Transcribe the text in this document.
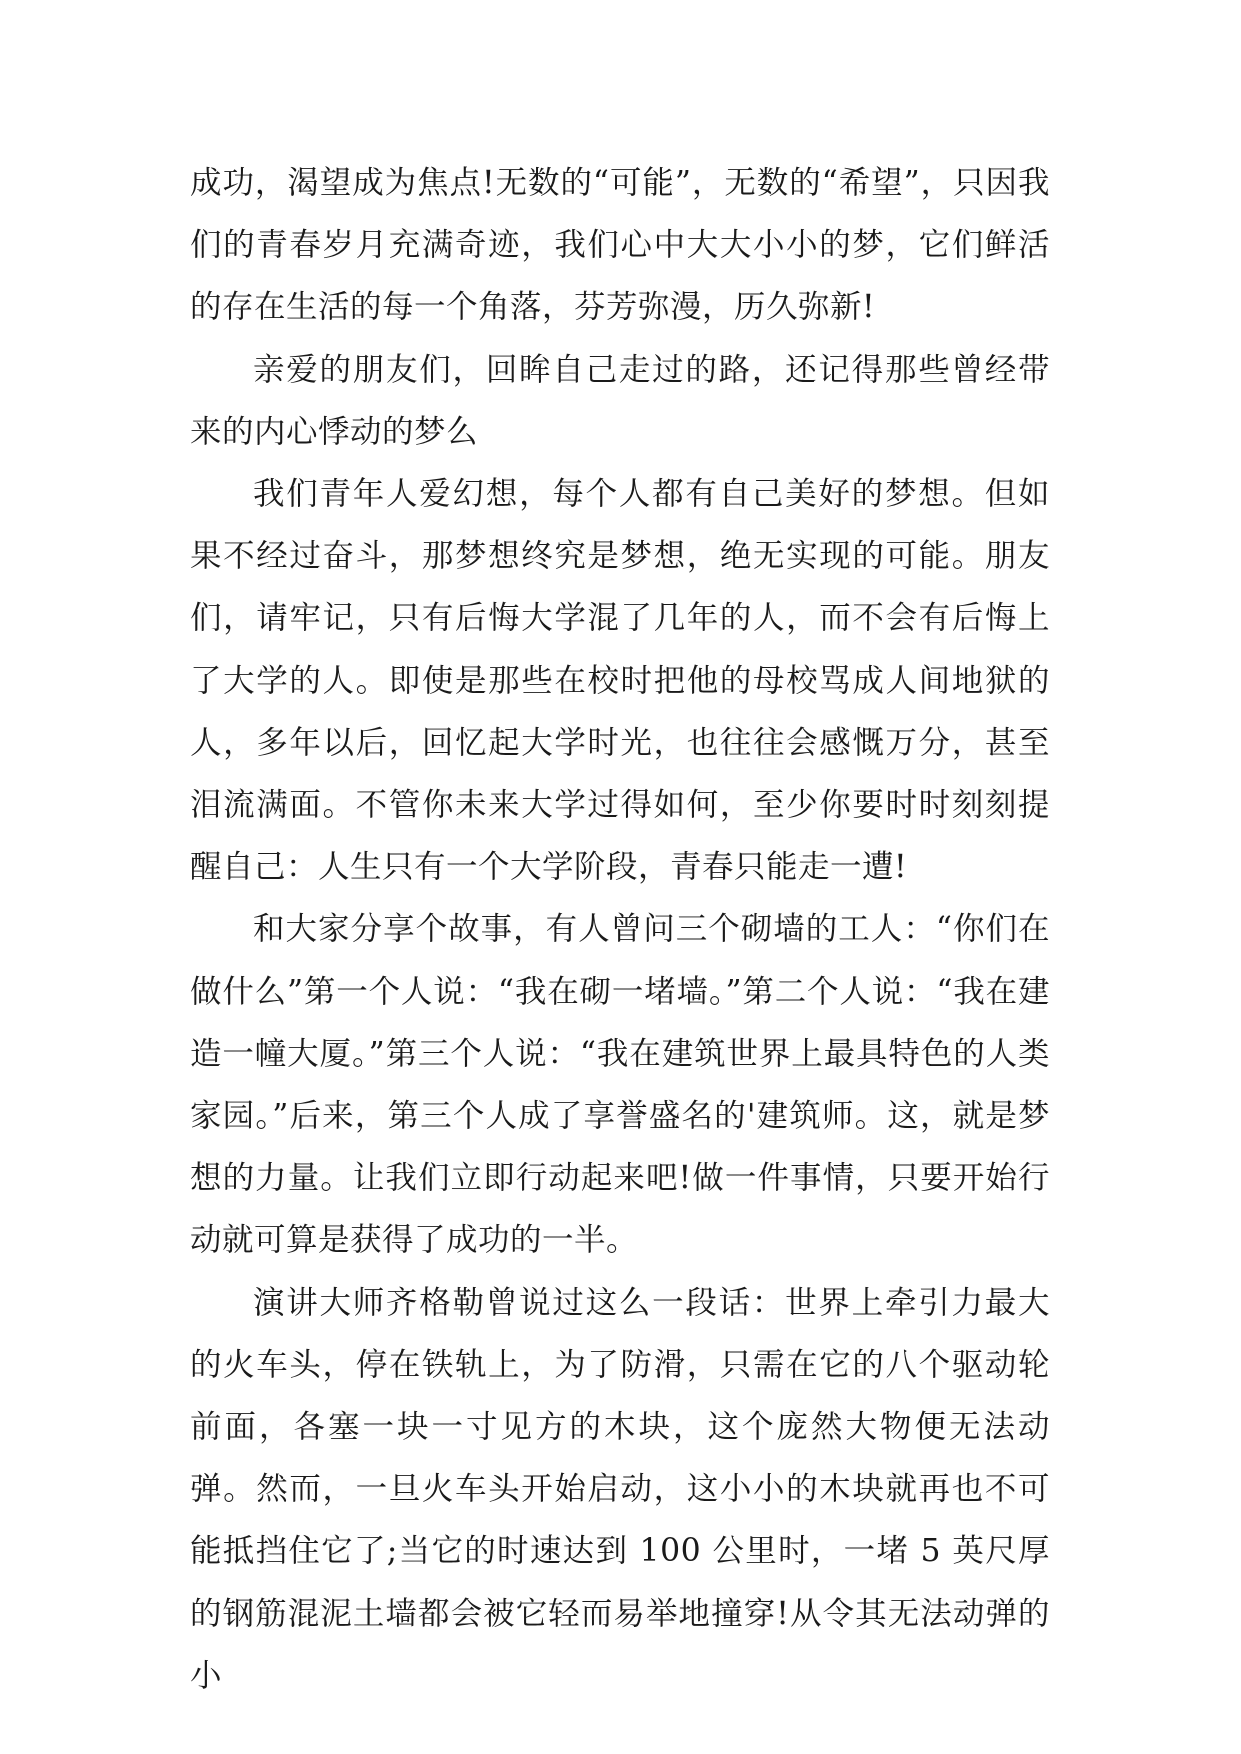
成功，渴望成为焦点!无数的“可能”，无数的“希望”，只因我们的青春岁月充满奇迹，我们心中大大小小的梦，它们鲜活的存在生活的每一个角落，芬芳弥漫，历久弥新!

亲爱的朋友们，回眸自己走过的路，还记得那些曾经带来的内心悸动的梦么

我们青年人爱幻想，每个人都有自己美好的梦想。但如果不经过奋斗，那梦想终究是梦想，绝无实现的可能。朋友们，请牢记，只有后悔大学混了几年的人，而不会有后悔上了大学的人。即使是那些在校时把他的母校骂成人间地狱的人，多年以后，回忆起大学时光，也往往会感慨万分，甚至泪流满面。不管你未来大学过得如何，至少你要时时刻刻提醒自己：人生只有一个大学阶段，青春只能走一遭!

和大家分享个故事，有人曾问三个砌墙的工人：“你们在做什么”第一个人说：“我在砌一堵墙。”第二个人说：“我在建造一幢大厦。”第三个人说：“我在建筑世界上最具特色的人类家园。”后来，第三个人成了享誉盛名的'建筑师。这，就是梦想的力量。让我们立即行动起来吧!做一件事情，只要开始行动就可算是获得了成功的一半。

演讲大师齐格勒曾说过这么一段话：世界上牵引力最大的火车头，停在铁轨上，为了防滑，只需在它的八个驱动轮前面，各塞一块一寸见方的木块，这个庞然大物便无法动弹。然而，一旦火车头开始启动，这小小的木块就再也不可能抵挡住它了;当它的时速达到 100 公里时，一堵 5 英尺厚的钢筋混泥土墙都会被它轻而易举地撞穿!从令其无法动弹的小
